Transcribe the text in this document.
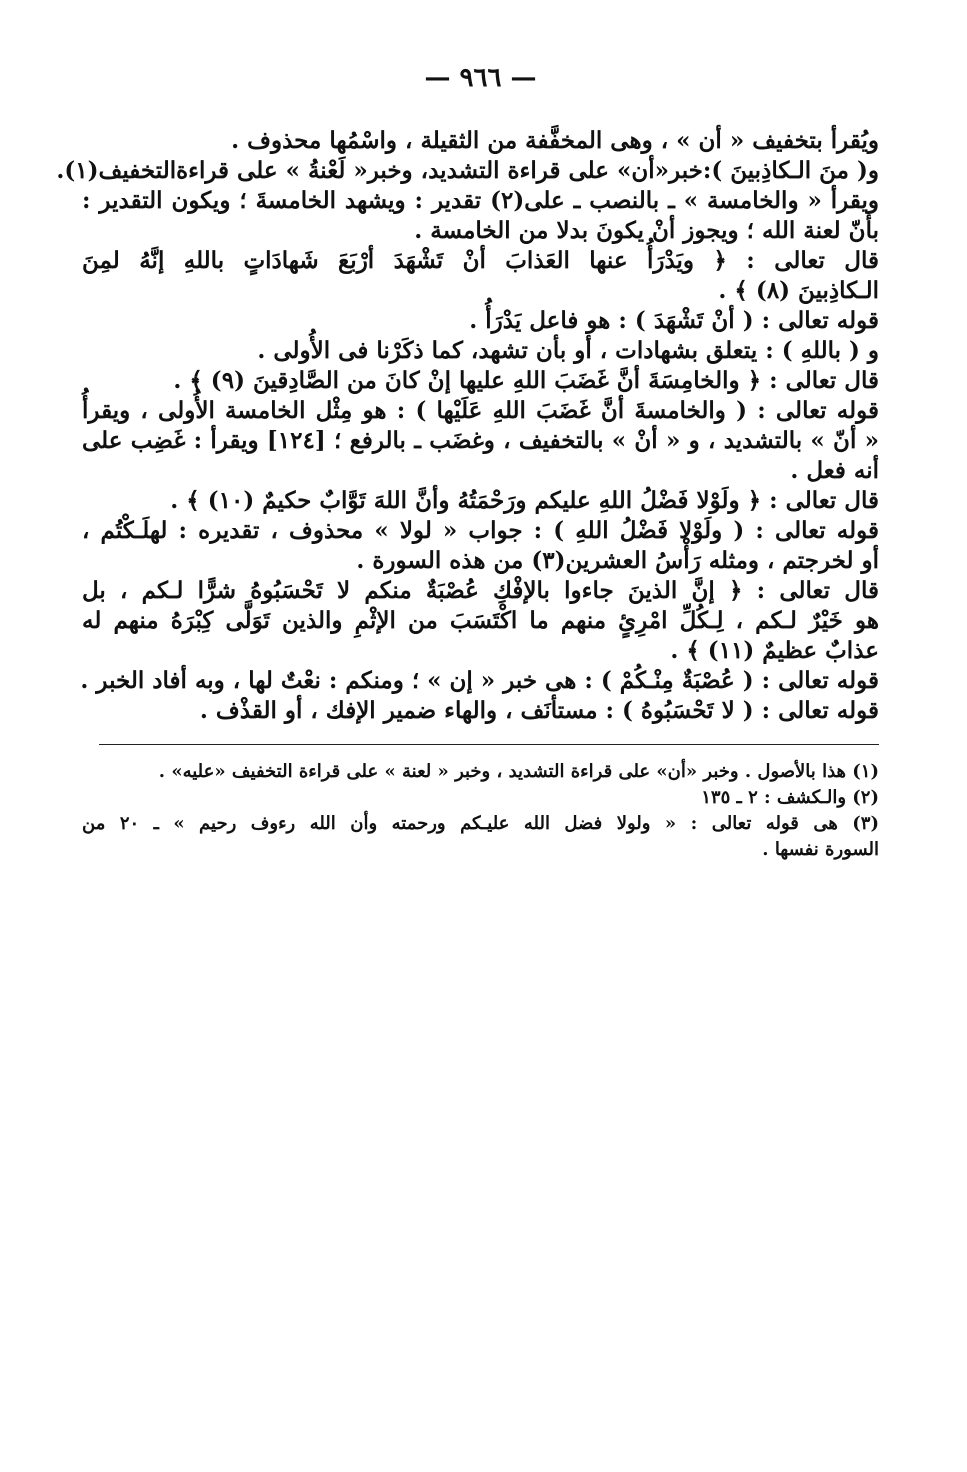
— ٩٦٦ —
ويُقرأ بتخفيف « أن » ، وهى المخفَّفة من الثقيلة ، واسْمُها محذوف .
و( منَ الـكاذِبينَ ):خبر«أن» على قراءة التشديد، وخبر« لَعْنةُ » على قراءةالتخفيف(١).
ويقرأ « والخامسة » ـ بالنصب ـ على(٢) تقدير : ويشهد الخامسةَ ؛ ويكون التقدير :
بأَنّ لعنة الله ؛ ويجوز أنْ يكونَ بدلا من الخامسة .
قال تعالى : ﴿ ويَدْرَأُ عنها العَذابَ أنْ تَشْهَدَ أرْبَعَ شَهادَاتٍ باللهِ إنَّهُ لمِنَ
الـكاذِبينَ (٨) ﴾ .
قوله تعالى : ( أنْ تَشْهَدَ ) : هو فاعل يَدْرَأُ .
و ( باللهِ ) : يتعلق بشهادات ، أو بأن تشهد، كما ذكَرْنا فى الأُولى .
قال تعالى : ﴿ والخامِسَةَ أنَّ غَضَبَ اللهِ عليها إنْ كانَ من الصَّادِقينَ (٩) ﴾ .
قوله تعالى : ( والخامسةَ أنَّ غَضَبَ اللهِ عَلَيْها ) : هو مِثْل الخامسة الأُولى ، ويقرأُ
« أنّ » بالتشديد ، و « أنْ » بالتخفيف ، وغضَب ـ بالرفع ؛ [١٢٤] ويقرأ : غَضِب على
أنه فعل .
قال تعالى : ﴿ ولَوْلا فَضْلُ اللهِ عليكم ورَحْمَتُهُ وأنَّ اللهَ تَوَّابٌ حكيمٌ (١٠) ﴾ .
قوله تعالى : ( ولَوْلا فَضْلُ اللهِ ) : جواب « لولا » محذوف ، تقديره : لهلَـكْتُم ،
أو لخرجتم ، ومثله رَأْسُ العشرين(٣) من هذه السورة .
قال تعالى : ﴿ إنَّ الذينَ جاءوا بالإفْكِ عُصْبَةٌ منكم لا تَحْسَبُوهُ شرًّا لـكم ، بل
هو خَيْرٌ لـكم ، لِـكُلِّ امْرِئٍ منهم ما اكْتَسَبَ من الإثْمِ والذين تَوَلَّى كِبْرَهُ منهم له
عذابٌ عظيمٌ (١١) ﴾ .
قوله تعالى : ( عُصْبَةٌ مِنْـكُمْ ) : هى خبر « إن » ؛ ومنكم : نعْتٌ لها ، وبه أفاد الخبر .
قوله تعالى : ( لا تَحْسَبُوهُ ) : مستأنَف ، والهاء ضمير الإفك ، أو القذْف .
(١) هذا بالأصول . وخبر «أن» على قراءة التشديد ، وخبر « لعنة » على قراءة التخفيف «عليه» .
(٢) والـكشف : ٢ ـ ١٣٥
(٣) هى قوله تعالى : « ولولا فضل الله عليـكم ورحمته وأن الله رءوف رحيم » ـ ٢٠ من
السورة نفسها .
